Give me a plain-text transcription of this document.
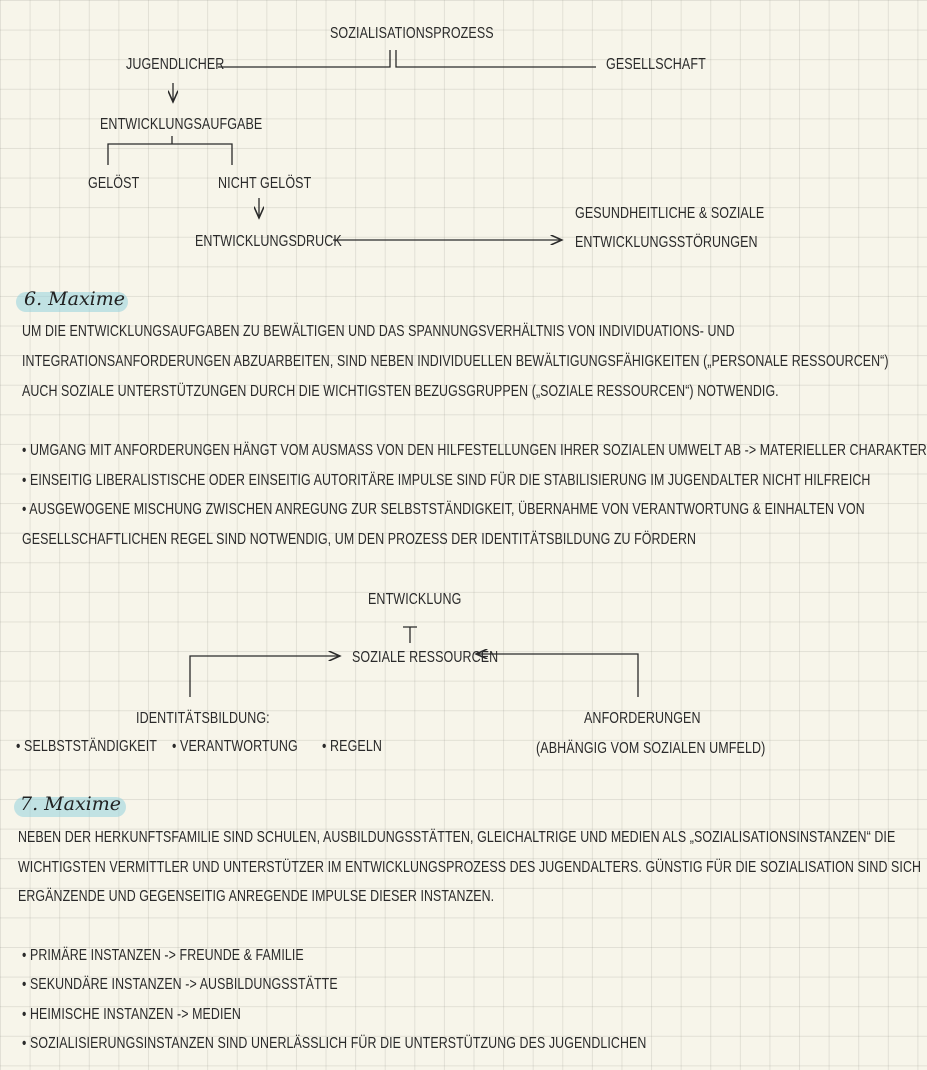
SOZIALISATIONSPROZESS
JUGENDLICHER	GESELLSCHAFT
ENTWICKLUNGSAUFGABE
GELÖST	NICHT GELÖST
ENTWICKLUNGSDRUCK
GESUNDHEITLICHE & SOZIALE
ENTWICKLUNGSSTÖRUNGEN
6. Maxime
UM DIE ENTWICKLUNGSAUFGABEN ZU BEWÄLTIGEN UND DAS SPANNUNGSVERHÄLTNIS VON INDIVIDUATIONS- UND
INTEGRATIONSANFORDERUNGEN ABZUARBEITEN, SIND NEBEN INDIVIDUELLEN BEWÄLTIGUNGSFÄHIGKEITEN („PERSONALE RESSOURCEN“)
AUCH SOZIALE UNTERSTÜTZUNGEN DURCH DIE WICHTIGSTEN BEZUGSGRUPPEN („SOZIALE RESSOURCEN“) NOTWENDIG.
• UMGANG MIT ANFORDERUNGEN HÄNGT VOM AUSMASS VON DEN HILFESTELLUNGEN IHRER SOZIALEN UMWELT AB -> MATERIELLER CHARAKTER
• EINSEITIG LIBERALISTISCHE ODER EINSEITIG AUTORITÄRE IMPULSE SIND FÜR DIE STABILISIERUNG IM JUGENDALTER NICHT HILFREICH
• AUSGEWOGENE MISCHUNG ZWISCHEN ANREGUNG ZUR SELBSTSTÄNDIGKEIT, ÜBERNAHME VON VERANTWORTUNG & EINHALTEN VON
GESELLSCHAFTLICHEN REGEL SIND NOTWENDIG, UM DEN PROZESS DER IDENTITÄTSBILDUNG ZU FÖRDERN
ENTWICKLUNG
SOZIALE RESSOURCEN
IDENTITÄTSBILDUNG:
• SELBSTSTÄNDIGKEIT • VERANTWORTUNG • REGELN
ANFORDERUNGEN
(ABHÄNGIG VOM SOZIALEN UMFELD)
7. Maxime
NEBEN DER HERKUNFTSFAMILIE SIND SCHULEN, AUSBILDUNGSSTÄTTEN, GLEICHALTRIGE UND MEDIEN ALS „SOZIALISATIONSINSTANZEN“ DIE
WICHTIGSTEN VERMITTLER UND UNTERSTÜTZER IM ENTWICKLUNGSPROZESS DES JUGENDALTERS. GÜNSTIG FÜR DIE SOZIALISATION SIND SICH
ERGÄNZENDE UND GEGENSEITIG ANREGENDE IMPULSE DIESER INSTANZEN.
• PRIMÄRE INSTANZEN -> FREUNDE & FAMILIE
• SEKUNDÄRE INSTANZEN -> AUSBILDUNGSSTÄTTE
• HEIMISCHE INSTANZEN -> MEDIEN
• SOZIALISIERUNGSINSTANZEN SIND UNERLÄSSLICH FÜR DIE UNTERSTÜTZUNG DES JUGENDLICHEN
